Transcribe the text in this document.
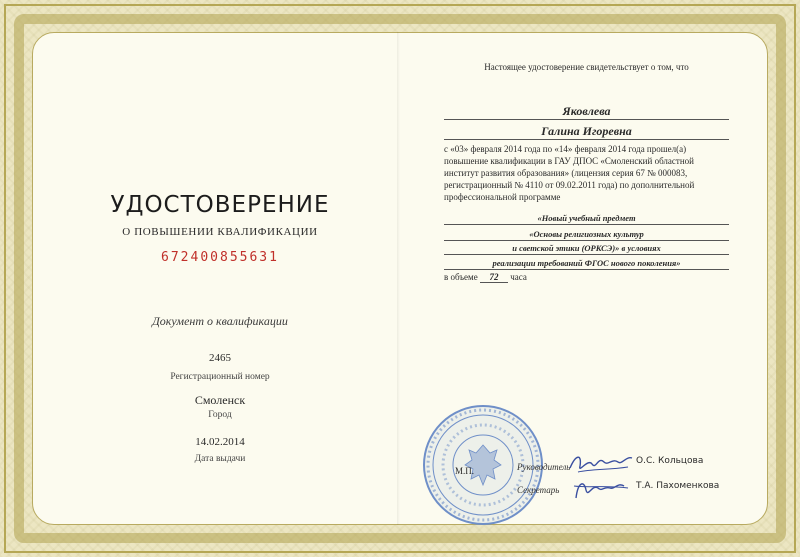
УДОСТОВЕРЕНИЕ
О ПОВЫШЕНИИ КВАЛИФИКАЦИИ
672400855631
Документ о квалификации
2465
Регистрационный номер
Смоленск
Город
14.02.2014
Дата выдачи
Настоящее удостоверение свидетельствует о том, что
Яковлева
Галина Игоревна
с «03» февраля 2014 года по «14» февраля 2014 года прошел(а) повышение квалификации в ГАУ ДПОС «Смоленский областной институт развития образования» (лицензия серия 67 № 000083, регистрационный № 4110 от 09.02.2011 года) по дополнительной профессиональной программе
«Новый учебный предмет
«Основы религиозных культур
и светской этики (ОРКСЭ)» в условиях
реализации требований ФГОС нового поколения»
в объеме 72 часа
М.П.	Руководитель
Секретарь
О.С. Кольцова
Т.А. Пахоменкова
